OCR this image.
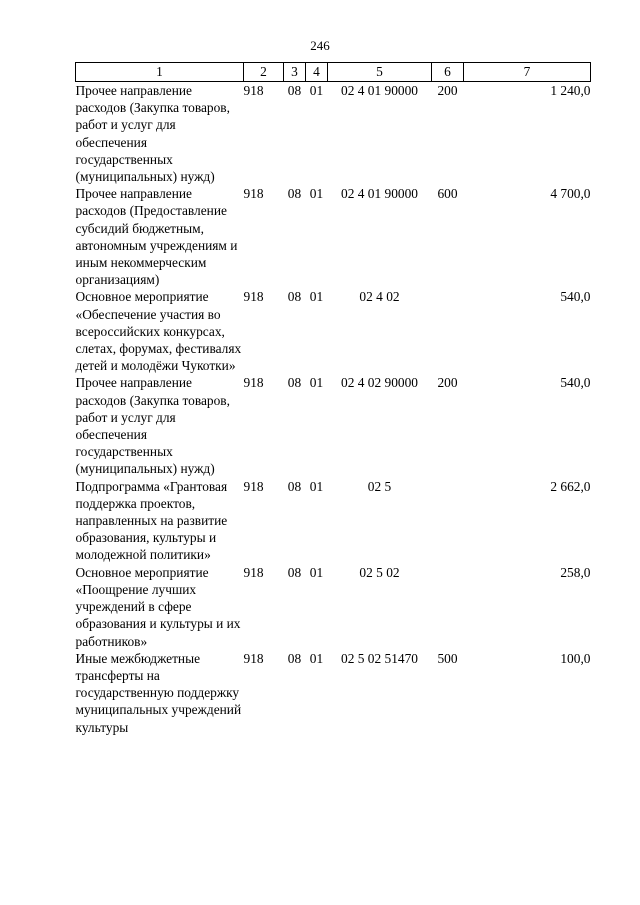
246
1	2	3	4	5	6	7
Прочее направление расходов (Закупка товаров, работ и услуг для обеспечения государственных (муниципальных) нужд)	918	08	01	02 4 01 90000	200	1 240,0
Прочее направление расходов (Предоставление субсидий бюджетным, автономным учреждениям и иным некоммерческим организациям)	918	08	01	02 4 01 90000	600	4 700,0
Основное мероприятие «Обеспечение участия во всероссийских конкурсах, слетах, форумах, фестивалях детей и молодёжи Чукотки»	918	08	01	02 4 02		540,0
Прочее направление расходов (Закупка товаров, работ и услуг для обеспечения государственных (муниципальных) нужд)	918	08	01	02 4 02 90000	200	540,0
Подпрограмма «Грантовая поддержка проектов, направленных на развитие образования, культуры и молодежной политики»	918	08	01	02 5		2 662,0
Основное мероприятие «Поощрение лучших учреждений в сфере образования и культуры и их работников»	918	08	01	02 5 02		258,0
Иные межбюджетные трансферты на государственную поддержку муниципальных учреждений культуры	918	08	01	02 5 02 51470	500	100,0
